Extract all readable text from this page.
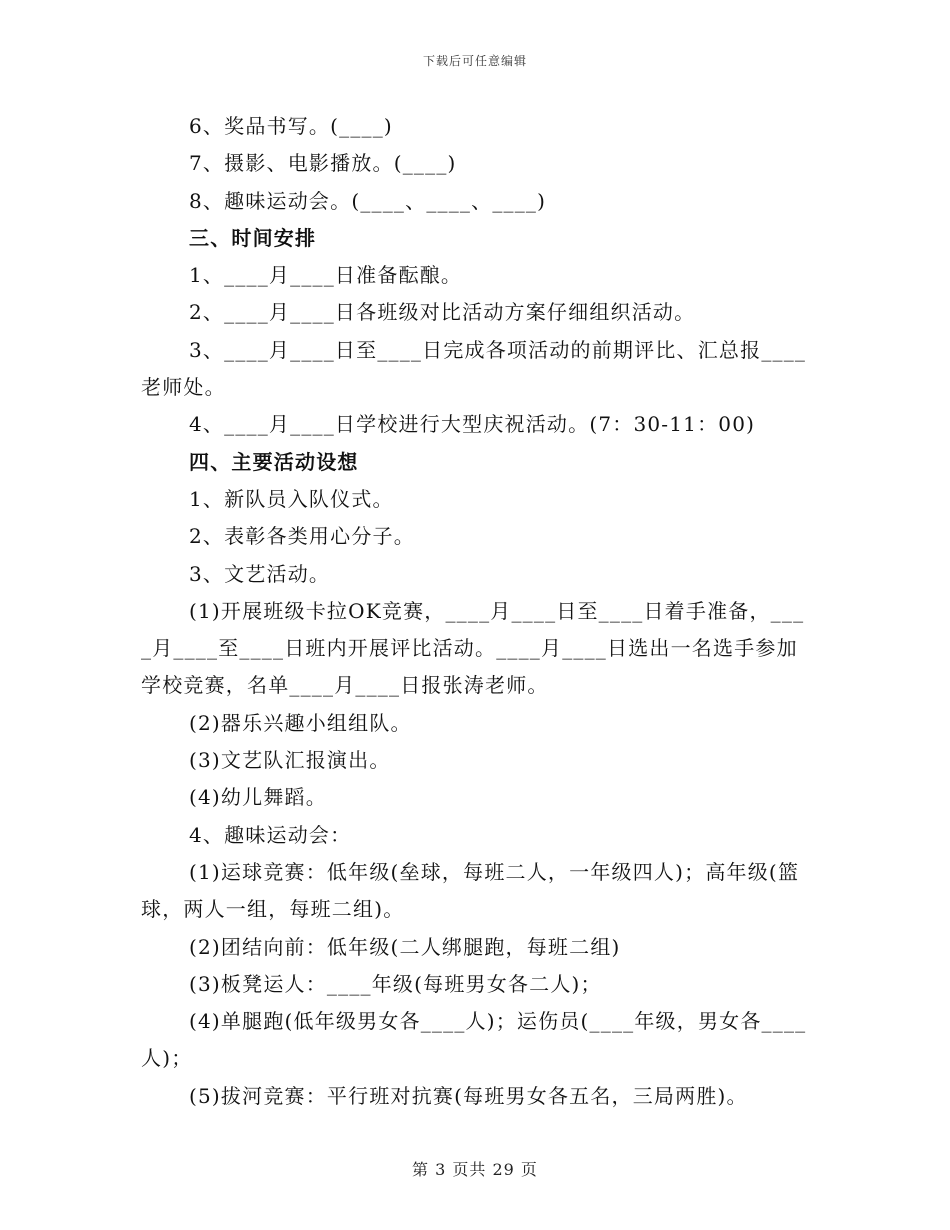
下载后可任意编辑
6、奖品书写。(____)
7、摄影、电影播放。(____)
8、趣味运动会。(____、____、____)
三、时间安排
1、____月____日准备酝酿。
2、____月____日各班级对比活动方案仔细组织活动。
3、____月____日至____日完成各项活动的前期评比、汇总报____
老师处。
4、____月____日学校进行大型庆祝活动。(7：30-11：00)
四、主要活动设想
1、新队员入队仪式。
2、表彰各类用心分子。
3、文艺活动。
(1)开展班级卡拉OK竞赛，____月____日至____日着手准备，___
_月____至____日班内开展评比活动。____月____日选出一名选手参加
学校竞赛，名单____月____日报张涛老师。
(2)器乐兴趣小组组队。
(3)文艺队汇报演出。
(4)幼儿舞蹈。
4、趣味运动会：
(1)运球竞赛：低年级(垒球，每班二人，一年级四人)；高年级(篮
球，两人一组，每班二组)。
(2)团结向前：低年级(二人绑腿跑，每班二组)
(3)板凳运人：____年级(每班男女各二人)；
(4)单腿跑(低年级男女各____人)；运伤员(____年级，男女各____
人)；
(5)拔河竞赛：平行班对抗赛(每班男女各五名，三局两胜)。
第 3 页共 29 页
